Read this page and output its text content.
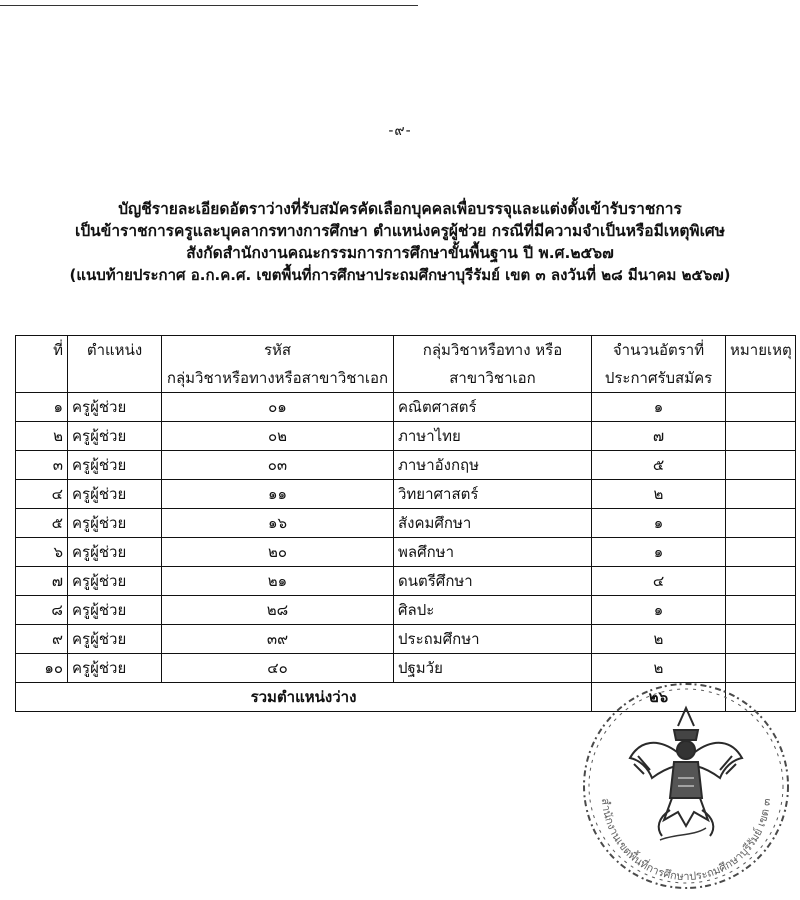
-๙-
บัญชีรายละเอียดอัตราว่างที่รับสมัครคัดเลือกบุคคลเพื่อบรรจุและแต่งตั้งเข้ารับราชการ
เป็นข้าราชการครูและบุคลากรทางการศึกษา ตำแหน่งครูผู้ช่วย กรณีที่มีความจำเป็นหรือมีเหตุพิเศษ
สังกัดสำนักงานคณะกรรมการการศึกษาขั้นพื้นฐาน ปี พ.ศ.๒๕๖๗
(แนบท้ายประกาศ อ.ก.ค.ศ. เขตพื้นที่การศึกษาประถมศึกษาบุรีรัมย์ เขต ๓ ลงวันที่ ๒๘ มีนาคม ๒๕๖๗)
ที่	ตำแหน่ง	รหัส	กลุ่มวิชาหรือทาง หรือ	จำนวนอัตราที่	หมายเหตุ
		กลุ่มวิชาหรือทางหรือสาขาวิชาเอก	สาขาวิชาเอก	ประกาศรับสมัคร	
๑	ครูผู้ช่วย	๐๑	คณิตศาสตร์	๑	
๒	ครูผู้ช่วย	๐๒	ภาษาไทย	๗	
๓	ครูผู้ช่วย	๐๓	ภาษาอังกฤษ	๕	
๔	ครูผู้ช่วย	๑๑	วิทยาศาสตร์	๒	
๕	ครูผู้ช่วย	๑๖	สังคมศึกษา	๑	
๖	ครูผู้ช่วย	๒๐	พลศึกษา	๑	
๗	ครูผู้ช่วย	๒๑	ดนตรีศึกษา	๔	
๘	ครูผู้ช่วย	๒๘	ศิลปะ	๑	
๙	ครูผู้ช่วย	๓๙	ประถมศึกษา	๒	
๑๐	ครูผู้ช่วย	๔๐	ปฐมวัย	๒	
รวมตำแหน่งว่าง				๒๖	
สำนักงานเขตพื้นที่การศึกษาประถมศึกษาบุรีรัมย์ เขต ๓
